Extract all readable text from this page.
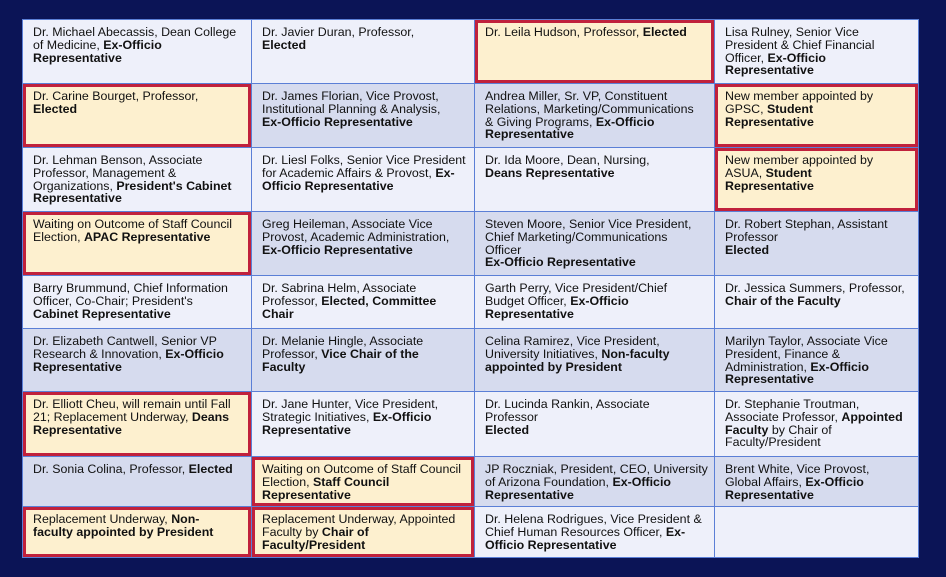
Dr. Michael Abecassis, Dean College
of Medicine, Ex-Officio
Representative	Dr. Javier Duran, Professor,
Elected	Dr. Leila Hudson, Professor, Elected	Lisa Rulney, Senior Vice
President & Chief Financial
Officer, Ex-Officio
Representative

Dr. Carine Bourget, Professor,
Elected	Dr. James Florian, Vice Provost,
Institutional Planning & Analysis,
Ex-Officio Representative	Andrea Miller, Sr. VP, Constituent
Relations, Marketing/Communications
& Giving Programs, Ex-Officio
Representative	New member appointed by
GPSC, Student
Representative

Dr. Lehman Benson, Associate
Professor, Management &
Organizations, President's Cabinet
Representative	Dr. Liesl Folks, Senior Vice President
for Academic Affairs & Provost, Ex-
Officio Representative	Dr. Ida Moore, Dean, Nursing,
Deans Representative	New member appointed by
ASUA, Student
Representative

Waiting on Outcome of Staff Council
Election, APAC Representative	Greg Heileman, Associate Vice
Provost, Academic Administration,
Ex-Officio Representative	Steven Moore, Senior Vice President,
Chief Marketing/Communications
Officer
Ex-Officio Representative	Dr. Robert Stephan, Assistant
Professor
Elected

Barry Brummund, Chief Information
Officer, Co-Chair; President's
Cabinet Representative	Dr. Sabrina Helm, Associate
Professor, Elected, Committee
Chair	Garth Perry, Vice President/Chief
Budget Officer, Ex-Officio
Representative	Dr. Jessica Summers, Professor,
Chair of the Faculty

Dr. Elizabeth Cantwell, Senior VP
Research & Innovation, Ex-Officio
Representative	Dr. Melanie Hingle, Associate
Professor, Vice Chair of the
Faculty	Celina Ramirez, Vice President,
University Initiatives, Non-faculty
appointed by President	Marilyn Taylor, Associate Vice
President, Finance &
Administration, Ex-Officio
Representative

Dr. Elliott Cheu, will remain until Fall
21; Replacement Underway, Deans
Representative	Dr. Jane Hunter, Vice President,
Strategic Initiatives, Ex-Officio
Representative	Dr. Lucinda Rankin, Associate
Professor
Elected	Dr. Stephanie Troutman,
Associate Professor, Appointed
Faculty by Chair of
Faculty/President

Dr. Sonia Colina, Professor, Elected	Waiting on Outcome of Staff Council
Election, Staff Council
Representative	JP Roczniak, President, CEO, University
of Arizona Foundation, Ex-Officio
Representative	Brent White, Vice Provost,
Global Affairs, Ex-Officio
Representative

Replacement Underway, Non-
faculty appointed by President	Replacement Underway, Appointed
Faculty by Chair of
Faculty/President	Dr. Helena Rodrigues, Vice President &
Chief Human Resources Officer, Ex-
Officio Representative	
